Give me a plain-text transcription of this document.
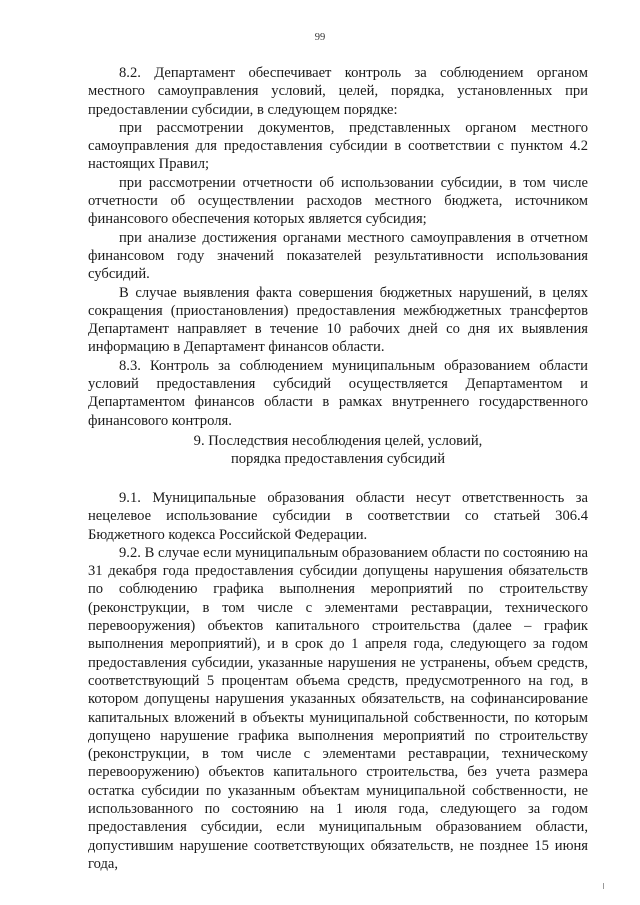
99

8.2. Департамент обеспечивает контроль за соблюдением органом местного самоуправления условий, целей, порядка, установленных при предоставлении субсидии, в следующем порядке:

при рассмотрении документов, представленных органом местного самоуправления для предоставления субсидии в соответствии с пунктом 4.2 настоящих Правил;

при рассмотрении отчетности об использовании субсидии, в том числе отчетности об осуществлении расходов местного бюджета, источником финансового обеспечения которых является субсидия;

при анализе достижения органами местного самоуправления в отчетном финансовом году значений показателей результативности использования субсидий.

В случае выявления факта совершения бюджетных нарушений, в целях сокращения (приостановления) предоставления межбюджетных трансфертов Департамент направляет в течение 10 рабочих дней со дня их выявления информацию в Департамент финансов области.

8.3. Контроль за соблюдением муниципальным образованием области условий предоставления субсидий осуществляется Департаментом и Департаментом финансов области в рамках внутреннего государственного финансового контроля.

9. Последствия несоблюдения целей, условий,
порядка предоставления субсидий

9.1. Муниципальные образования области несут ответственность за нецелевое использование субсидии в соответствии со статьей 306.4 Бюджетного кодекса Российской Федерации.

9.2. В случае если муниципальным образованием области по состоянию на 31 декабря года предоставления субсидии допущены нарушения обязательств по соблюдению графика выполнения мероприятий по строительству (реконструкции, в том числе с элементами реставрации, технического перевооружения) объектов капитального строительства (далее – график выполнения мероприятий), и в срок до 1 апреля года, следующего за годом предоставления субсидии, указанные нарушения не устранены, объем средств, соответствующий 5 процентам объема средств, предусмотренного на год, в котором допущены нарушения указанных обязательств, на софинансирование капитальных вложений в объекты муниципальной собственности, по которым допущено нарушение графика выполнения мероприятий по строительству (реконструкции, в том числе с элементами реставрации, техническому перевооружению) объектов капитального строительства, без учета размера остатка субсидии по указанным объектам муниципальной собственности, не использованного по состоянию на 1 июля года, следующего за годом предоставления субсидии, если муниципальным образованием области, допустившим нарушение соответствующих обязательств, не позднее 15 июня года,
